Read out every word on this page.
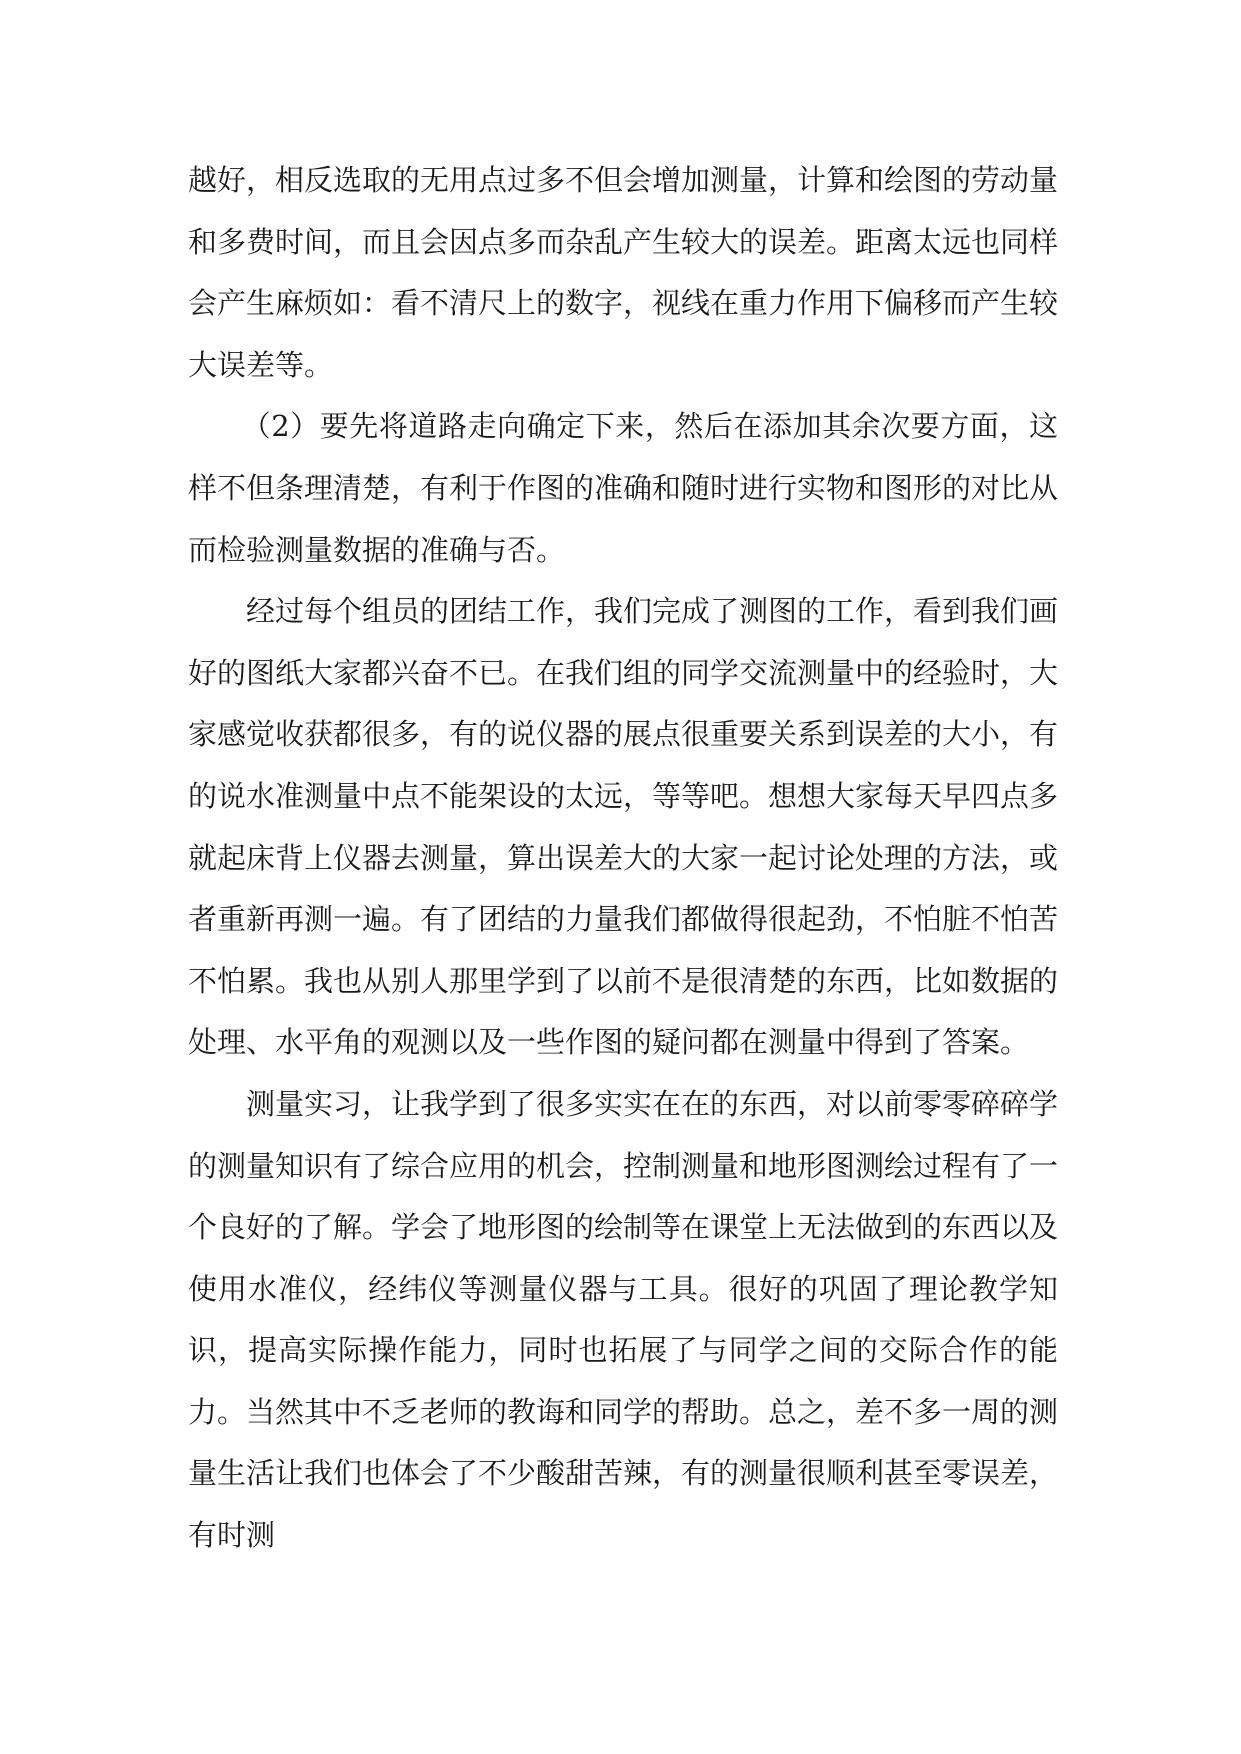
越好，相反选取的无用点过多不但会增加测量，计算和绘图的劳动量和多费时间，而且会因点多而杂乱产生较大的误差。距离太远也同样会产生麻烦如：看不清尺上的数字，视线在重力作用下偏移而产生较大误差等。

（2）要先将道路走向确定下来，然后在添加其余次要方面，这样不但条理清楚，有利于作图的准确和随时进行实物和图形的对比从而检验测量数据的准确与否。

经过每个组员的团结工作，我们完成了测图的工作，看到我们画好的图纸大家都兴奋不已。在我们组的同学交流测量中的经验时，大家感觉收获都很多，有的说仪器的展点很重要关系到误差的大小，有的说水准测量中点不能架设的太远，等等吧。想想大家每天早四点多就起床背上仪器去测量，算出误差大的大家一起讨论处理的方法，或者重新再测一遍。有了团结的力量我们都做得很起劲，不怕脏不怕苦不怕累。我也从别人那里学到了以前不是很清楚的东西，比如数据的处理、水平角的观测以及一些作图的疑问都在测量中得到了答案。

测量实习，让我学到了很多实实在在的东西，对以前零零碎碎学的测量知识有了综合应用的机会，控制测量和地形图测绘过程有了一个良好的了解。学会了地形图的绘制等在课堂上无法做到的东西以及使用水准仪，经纬仪等测量仪器与工具。很好的巩固了理论教学知识，提高实际操作能力，同时也拓展了与同学之间的交际合作的能力。当然其中不乏老师的教诲和同学的帮助。总之，差不多一周的测量生活让我们也体会了不少酸甜苦辣，有的测量很顺利甚至零误差，有时测
